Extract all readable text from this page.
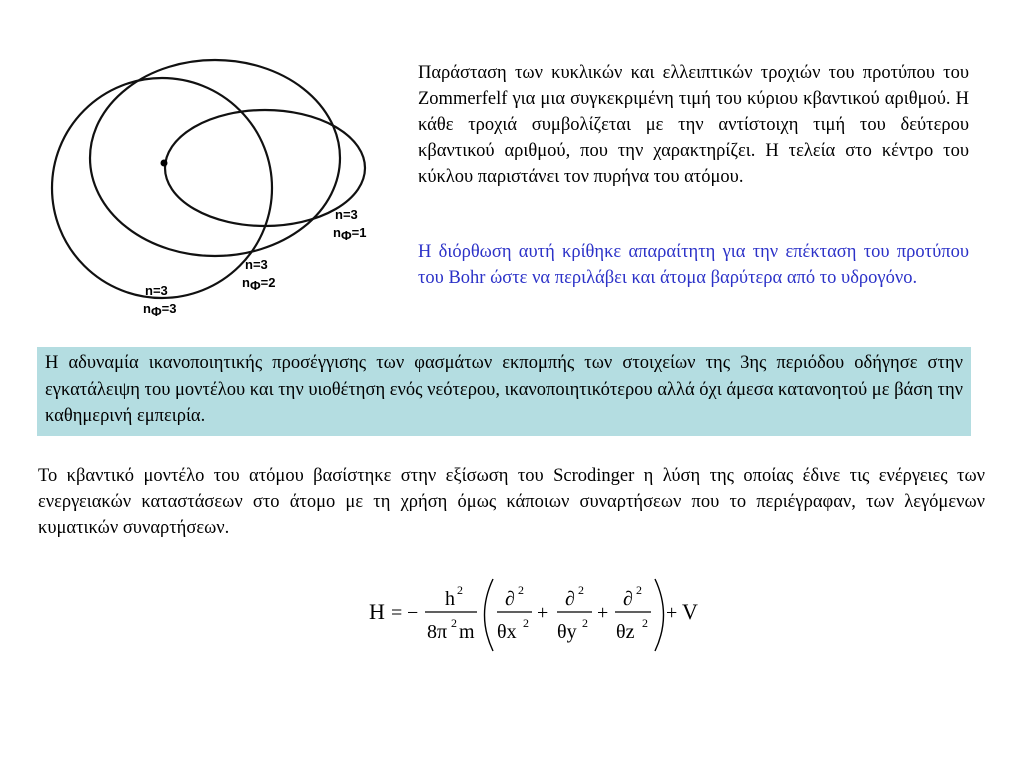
n=3
nΦ=1
n=3
nΦ=2
n=3
nΦ=3

Παράσταση των κυκλικών και ελλειπτικών τροχιών του προτύπου του Zommerfelf για μια συγκεκριμένη τιμή του κύριου κβαντικού αριθμού. Η κάθε τροχιά συμβολίζεται με την αντίστοιχη τιμή του δεύτερου κβαντικού αριθμού, που την χαρακτηρίζει. Η τελεία στο κέντρο του κύκλου παριστάνει τον πυρήνα του ατόμου.

Η διόρθωση αυτή κρίθηκε απαραίτητη για την επέκταση του προτύπου του Bohr ώστε να περιλάβει και άτομα βαρύτερα από το υδρογόνο.

Η αδυναμία ικανοποιητικής προσέγγισης των φασμάτων εκπομπής των στοιχείων της 3ης περιόδου οδήγησε στην εγκατάλειψη του μοντέλου και την υιοθέτηση ενός νεότερου, ικανοποιητικότερου αλλά όχι άμεσα κατανοητού με βάση την καθημερινή εμπειρία.

Το κβαντικό μοντέλο του ατόμου βασίστηκε στην εξίσωση του Scrodinger η λύση της οποίας έδινε τις ενέργειες των ενεργειακών καταστάσεων στο άτομο με τη χρήση όμως κάποιων συναρτήσεων που το περιέγραφαν, των λεγόμενων κυματικών συναρτήσεων.

H = −
h 2
8π 2 m
∂ 2
θx 2 +
∂ 2
θy 2 +
∂ 2
θz 2 + V
